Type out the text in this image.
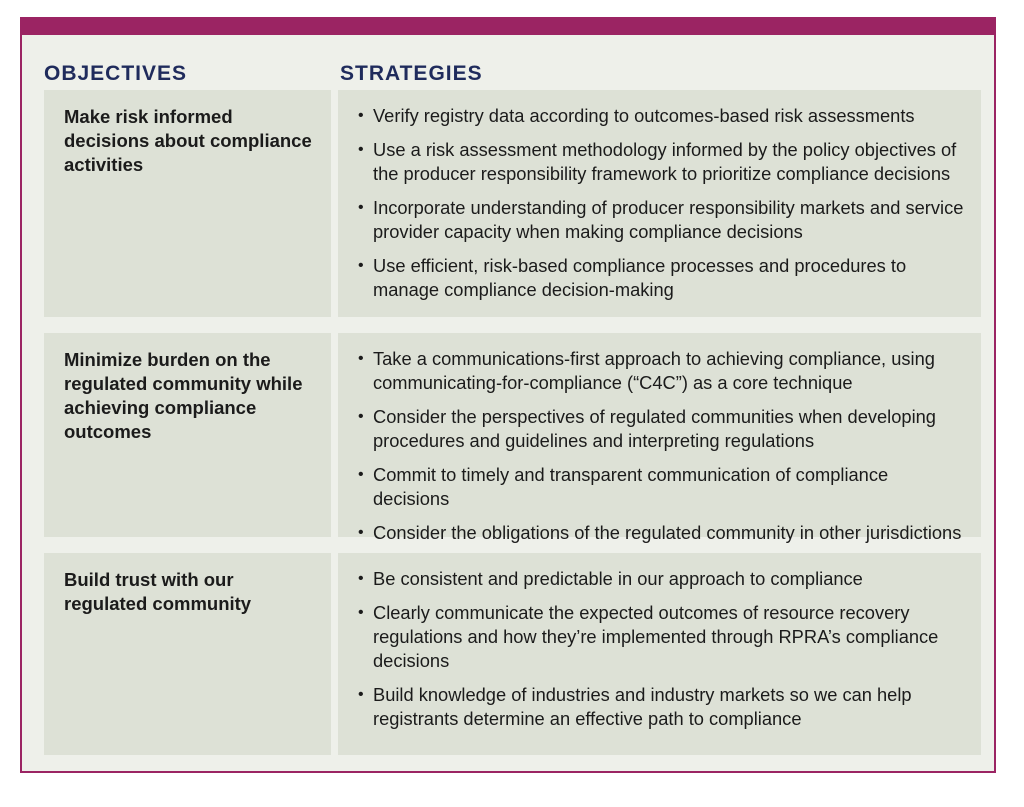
OBJECTIVES	STRATEGIES
Make risk informed decisions about compliance activities
• Verify registry data according to outcomes-based risk assessments
• Use a risk assessment methodology informed by the policy objectives of the producer responsibility framework to prioritize compliance decisions
• Incorporate understanding of producer responsibility markets and service provider capacity when making compliance decisions
• Use efficient, risk-based compliance processes and procedures to manage compliance decision-making
Minimize burden on the regulated community while achieving compliance outcomes
• Take a communications-first approach to achieving compliance, using communicating-for-compliance (“C4C”) as a core technique
• Consider the perspectives of regulated communities when developing procedures and guidelines and interpreting regulations
• Commit to timely and transparent communication of compliance decisions
• Consider the obligations of the regulated community in other jurisdictions
Build trust with our regulated community
• Be consistent and predictable in our approach to compliance
• Clearly communicate the expected outcomes of resource recovery regulations and how they’re implemented through RPRA’s compliance decisions
• Build knowledge of industries and industry markets so we can help registrants determine an effective path to compliance
